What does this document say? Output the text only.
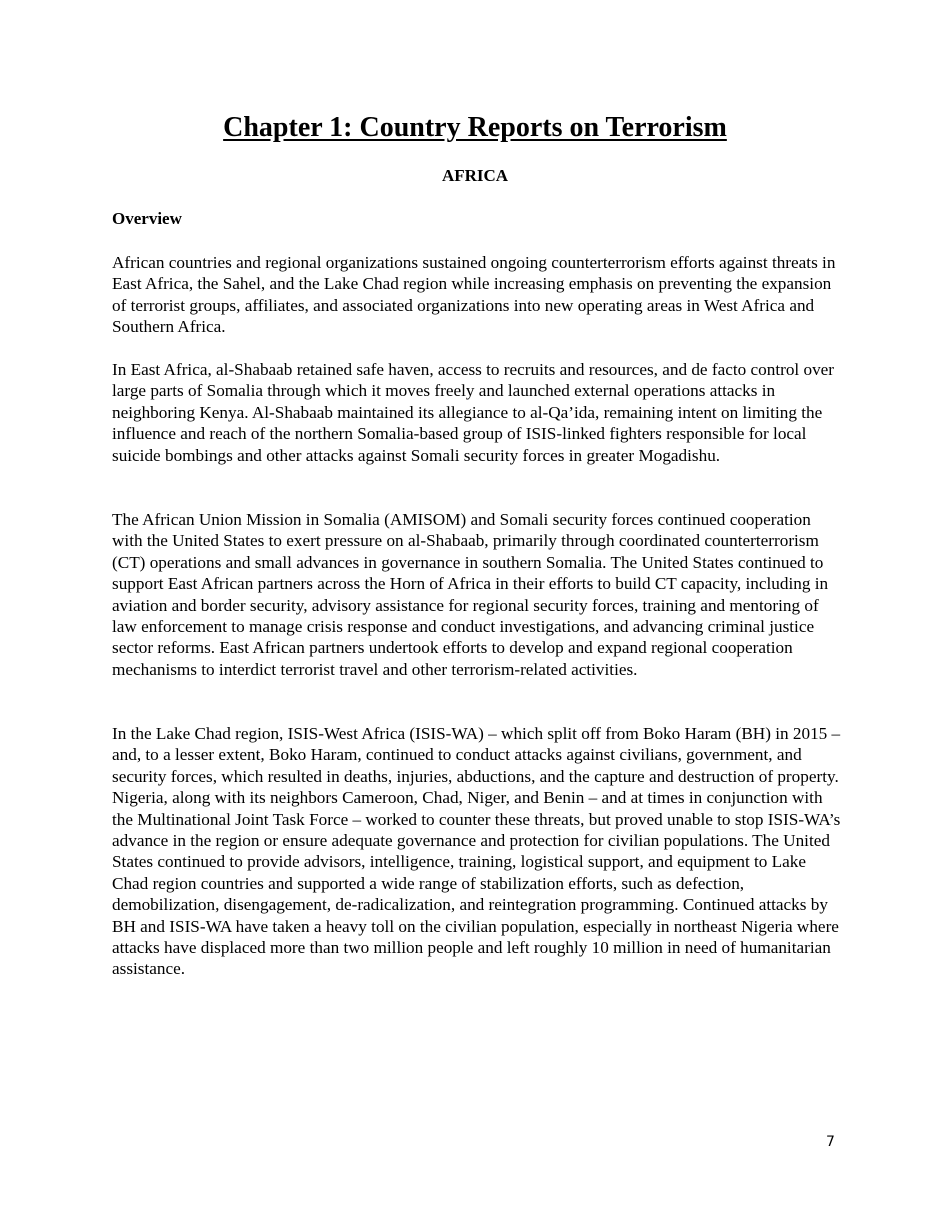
Chapter 1: Country Reports on Terrorism
AFRICA
Overview

African countries and regional organizations sustained ongoing counterterrorism efforts against threats in East Africa, the Sahel, and the Lake Chad region while increasing emphasis on preventing the expansion of terrorist groups, affiliates, and associated organizations into new operating areas in West Africa and Southern Africa.

In East Africa, al-Shabaab retained safe haven, access to recruits and resources, and de facto control over large parts of Somalia through which it moves freely and launched external operations attacks in neighboring Kenya. Al-Shabaab maintained its allegiance to al-Qa’ida, remaining intent on limiting the influence and reach of the northern Somalia-based group of ISIS-linked fighters responsible for local suicide bombings and other attacks against Somali security forces in greater Mogadishu.

The African Union Mission in Somalia (AMISOM) and Somali security forces continued cooperation with the United States to exert pressure on al-Shabaab, primarily through coordinated counterterrorism (CT) operations and small advances in governance in southern Somalia. The United States continued to support East African partners across the Horn of Africa in their efforts to build CT capacity, including in aviation and border security, advisory assistance for regional security forces, training and mentoring of law enforcement to manage crisis response and conduct investigations, and advancing criminal justice sector reforms. East African partners undertook efforts to develop and expand regional cooperation mechanisms to interdict terrorist travel and other terrorism-related activities.

In the Lake Chad region, ISIS-West Africa (ISIS-WA) – which split off from Boko Haram (BH) in 2015 – and, to a lesser extent, Boko Haram, continued to conduct attacks against civilians, government, and security forces, which resulted in deaths, injuries, abductions, and the capture and destruction of property. Nigeria, along with its neighbors Cameroon, Chad, Niger, and Benin – and at times in conjunction with the Multinational Joint Task Force – worked to counter these threats, but proved unable to stop ISIS-WA’s advance in the region or ensure adequate governance and protection for civilian populations. The United States continued to provide advisors, intelligence, training, logistical support, and equipment to Lake Chad region countries and supported a wide range of stabilization efforts, such as defection, demobilization, disengagement, de-radicalization, and reintegration programming. Continued attacks by BH and ISIS-WA have taken a heavy toll on the civilian population, especially in northeast Nigeria where attacks have displaced more than two million people and left roughly 10 million in need of humanitarian assistance.

7
